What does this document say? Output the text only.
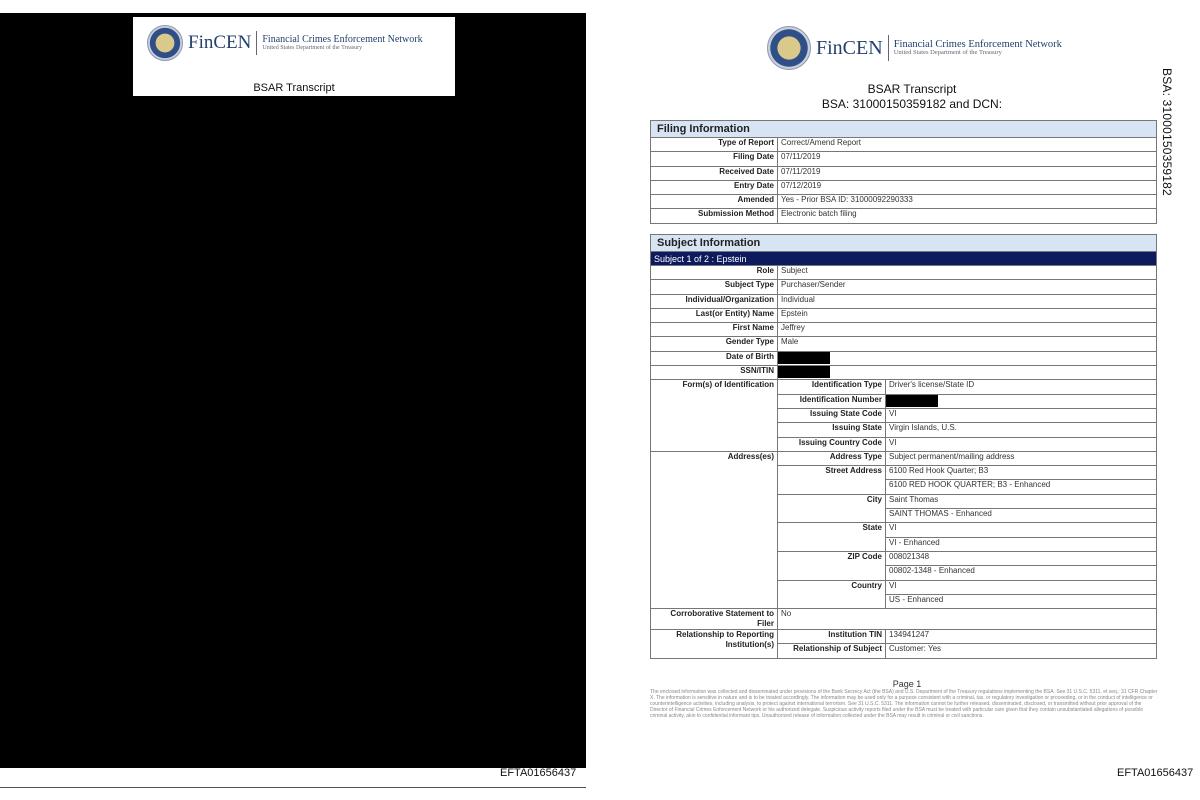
FinCEN Financial Crimes Enforcement Network
United States Department of the Treasury
BSAR Transcript
EFTA01656437
FinCEN Financial Crimes Enforcement Network
United States Department of the Treasury
BSAR Transcript
BSA: 31000150359182 and DCN:	BSA: 31000150359182
Filing Information	
Type of Report	Correct/Amend Report
Filing Date	07/11/2019
Received Date	07/11/2019
Entry Date	07/12/2019
Amended	Yes - Prior BSA ID: 31000092290333
Submission Method	Electronic batch filing
Subject Information		
Subject 1 of 2 : Epstein		
Role	Subject	
Subject Type	Purchaser/Sender	
Individual/Organization	Individual	
Last(or Entity) Name	Epstein	
First Name	Jeffrey	
Gender Type	Male	
Date of Birth		
SSN/ITIN		
Form(s) of Identification	Identification Type	Driver's license/State ID
	Identification Number	
	Issuing State Code	VI
	Issuing State	Virgin Islands, U.S.
	Issuing Country Code	VI
Address(es)	Address Type	Subject permanent/mailing address
	Street Address	6100 Red Hook Quarter; B3
		6100 RED HOOK QUARTER; B3 - Enhanced
	City	Saint Thomas
		SAINT THOMAS - Enhanced
	State	VI
		VI - Enhanced
	ZIP Code	008021348
		00802-1348 - Enhanced
	Country	VI
		US - Enhanced
Corroborative Statement to Filer	No	
Relationship to Reporting Institution(s)	Institution TIN	134941247
	Relationship of Subject	Customer: Yes
Page 1
The enclosed information was collected and disseminated under provisions of the Bank Secrecy Act (the BSA) and U.S. Department of the Treasury regulations implementing the BSA. See 31 U.S.C. 5311, et seq.; 31 CFR Chapter X. The information is sensitive in nature and is to be treated accordingly. The information may be used only for a purpose consistent with a criminal, tax, or regulatory investigation or proceeding, or in the conduct of intelligence or counterintelligence activities, including analysis, to protect against international terrorism. See 31 U.S.C. 5311. The information cannot be further released, disseminated, disclosed, or transmitted without prior approval of the Director of Financial Crimes Enforcement Network or his authorized delegate. Suspicious activity reports filed under the BSA must be treated with particular care given that they contain unsubstantiated allegations of possible criminal activity, akin to confidential informant tips. Unauthorized release of information collected under the BSA may result in criminal or civil sanctions.
EFTA01656437
